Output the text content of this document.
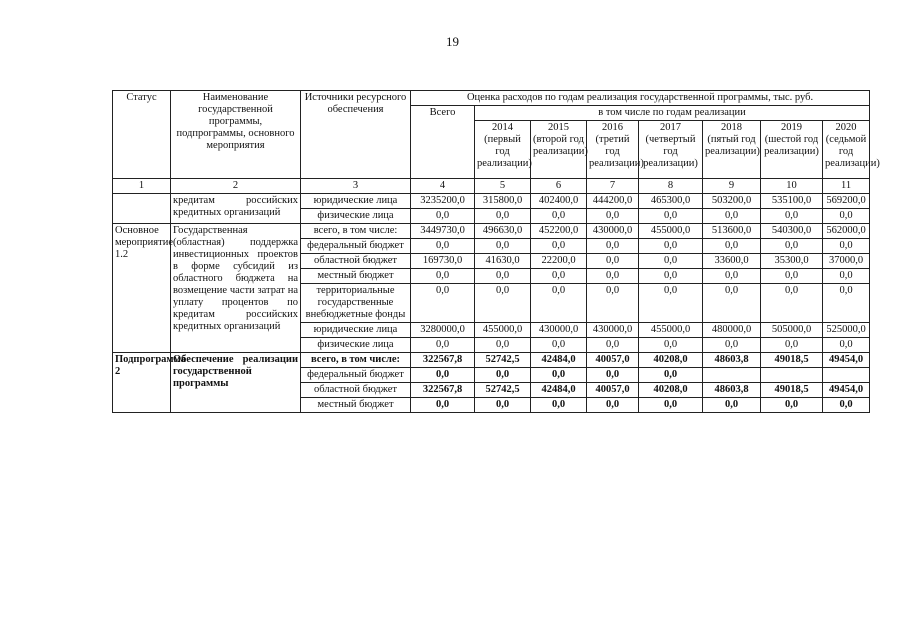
19
Статус	Наименование государственной программы, подпрограммы, основного мероприятия	Источники ресурсного обеспечения	Оценка расходов по годам реализация государственной программы, тыс. руб.							
			Всего	в том числе по годам реализации						
				2014 (первый год реализации)	2015 (второй год реализации)	2016 (третий год реализации)	2017 (четвертый год реализации)	2018 (пятый год реализации)	2019 (шестой год реализации)	2020 (седьмой год реализации)
1	2	3	4	5	6	7	8	9	10	11
	кредитам российских кредитных организаций	юридические лица	3235200,0	315800,0	402400,0	444200,0	465300,0	503200,0	535100,0	569200,0
		физические лица	0,0	0,0	0,0	0,0	0,0	0,0	0,0	0,0
Основное мероприятие 1.2	Государственная (областная) поддержка инвестиционных проектов в форме субсидий из областного бюджета на возмещение части затрат на уплату процентов по кредитам российских кредитных организаций	всего, в том числе:	3449730,0	496630,0	452200,0	430000,0	455000,0	513600,0	540300,0	562000,0
		федеральный бюджет	0,0	0,0	0,0	0,0	0,0	0,0	0,0	0,0
		областной бюджет	169730,0	41630,0	22200,0	0,0	0,0	33600,0	35300,0	37000,0
		местный бюджет	0,0	0,0	0,0	0,0	0,0	0,0	0,0	0,0
		территориальные государственные внебюджетные фонды	0,0	0,0	0,0	0,0	0,0	0,0	0,0	0,0
		юридические лица	3280000,0	455000,0	430000,0	430000,0	455000,0	480000,0	505000,0	525000,0
		физические лица	0,0	0,0	0,0	0,0	0,0	0,0	0,0	0,0
Подпрограмма 2	Обеспечение реализации государственной программы	всего, в том числе:	322567,8	52742,5	42484,0	40057,0	40208,0	48603,8	49018,5	49454,0
		федеральный бюджет	0,0	0,0	0,0	0,0	0,0			
		областной бюджет	322567,8	52742,5	42484,0	40057,0	40208,0	48603,8	49018,5	49454,0
		местный бюджет	0,0	0,0	0,0	0,0	0,0	0,0	0,0	0,0
